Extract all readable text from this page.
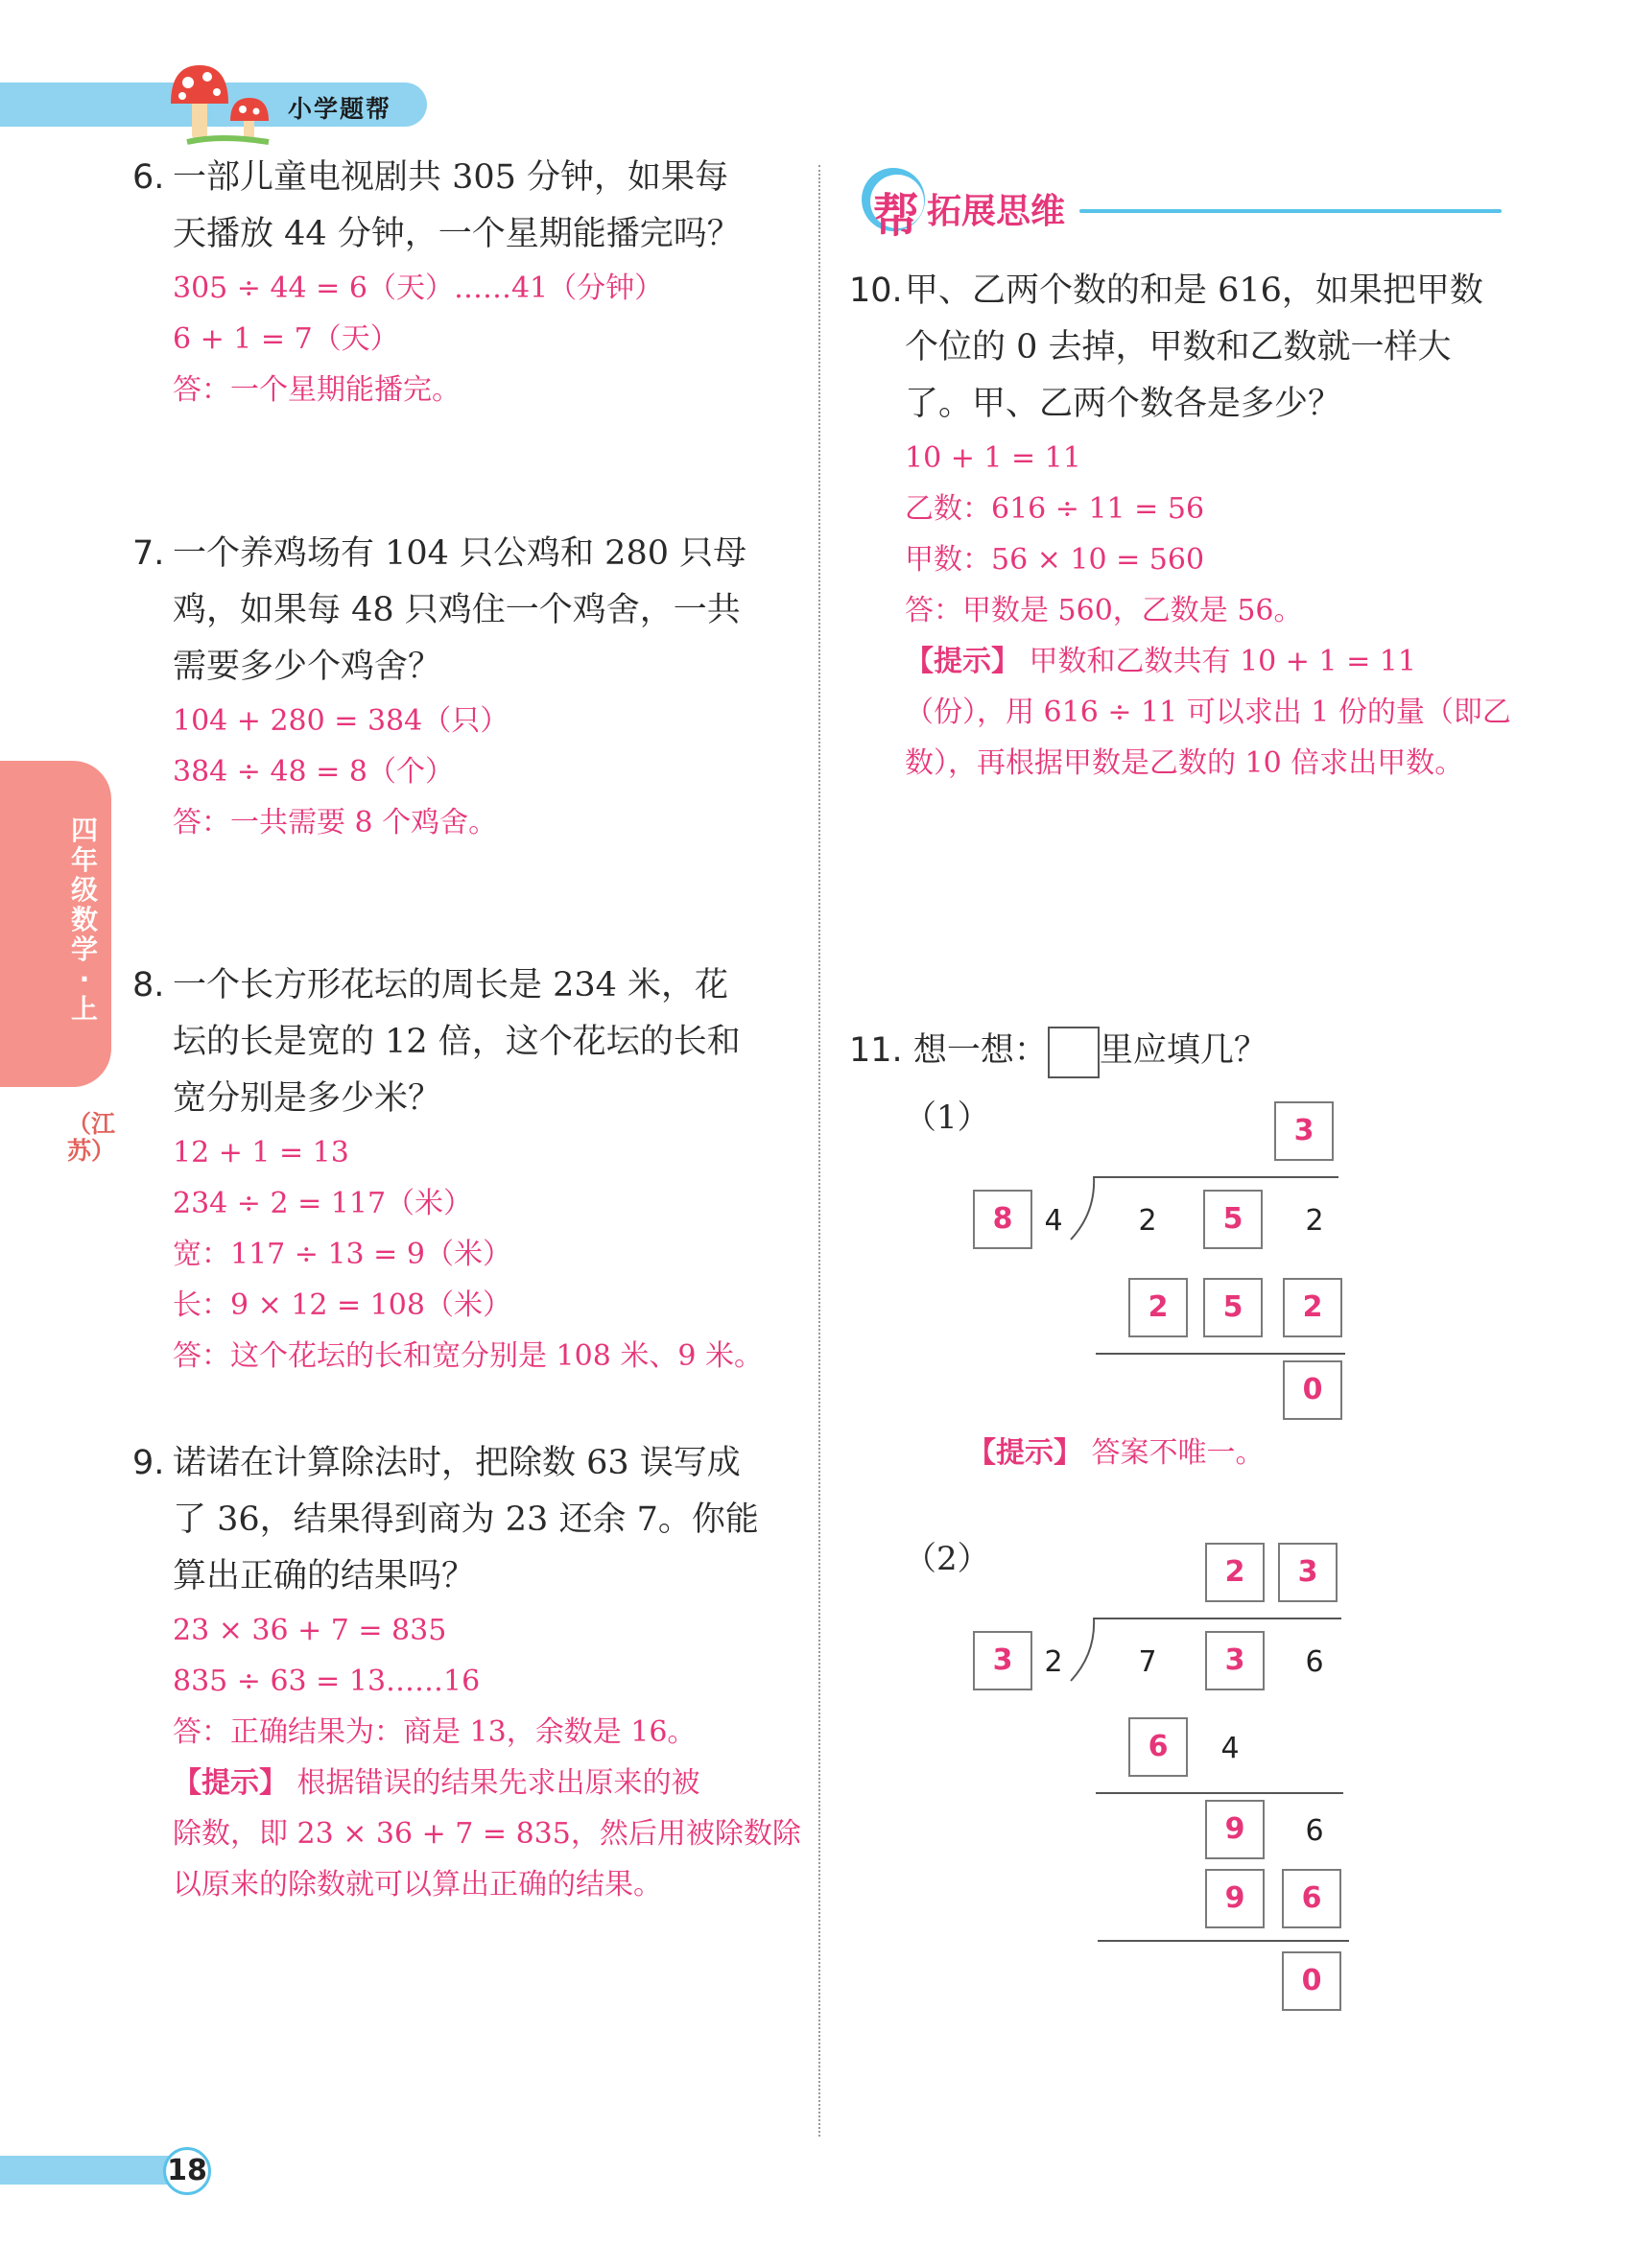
小学题帮
四年级数学·上
（江苏）
6. 一部儿童电视剧共 305 分钟，如果每
天播放 44 分钟，一个星期能播完吗？
305 ÷ 44 = 6（天）……41（分钟）
6 + 1 = 7（天）
答：一个星期能播完。
7. 一个养鸡场有 104 只公鸡和 280 只母
鸡，如果每 48 只鸡住一个鸡舍，一共
需要多少个鸡舍？
104 + 280 = 384（只）
384 ÷ 48 = 8（个）
答：一共需要 8 个鸡舍。
8. 一个长方形花坛的周长是 234 米，花
坛的长是宽的 12 倍，这个花坛的长和
宽分别是多少米？
12 + 1 = 13
234 ÷ 2 = 117（米）
宽：117 ÷ 13 = 9（米）
长：9 × 12 = 108（米）
答：这个花坛的长和宽分别是 108 米、9 米。
9. 诺诺在计算除法时，把除数 63 误写成
了 36，结果得到商为 23 还余 7。你能
算出正确的结果吗？
23 × 36 + 7 = 835
835 ÷ 63 = 13……16
答：正确结果为：商是 13，余数是 16。
【提示】 根据错误的结果先求出原来的被
除数，即 23 × 36 + 7 = 835，然后用被除数除
以原来的除数就可以算出正确的结果。
帮 拓展思维
10. 甲、乙两个数的和是 616，如果把甲数
个位的 0 去掉，甲数和乙数就一样大
了。甲、乙两个数各是多少？
10 + 1 = 11
乙数：616 ÷ 11 = 56
甲数：56 × 10 = 560
答：甲数是 560，乙数是 56。
【提示】 甲数和乙数共有 10 + 1 = 11
（份），用 616 ÷ 11 可以求出 1 份的量（即乙
数），再根据甲数是乙数的 10 倍求出甲数。
11. 想一想： 里应填几？
（1）	3
8	4	2	5	2
2	5	2
0
【提示】 答案不唯一。
（2）	2	3
3	2	7	3	6
6	4
9	6
9	6
0
18
